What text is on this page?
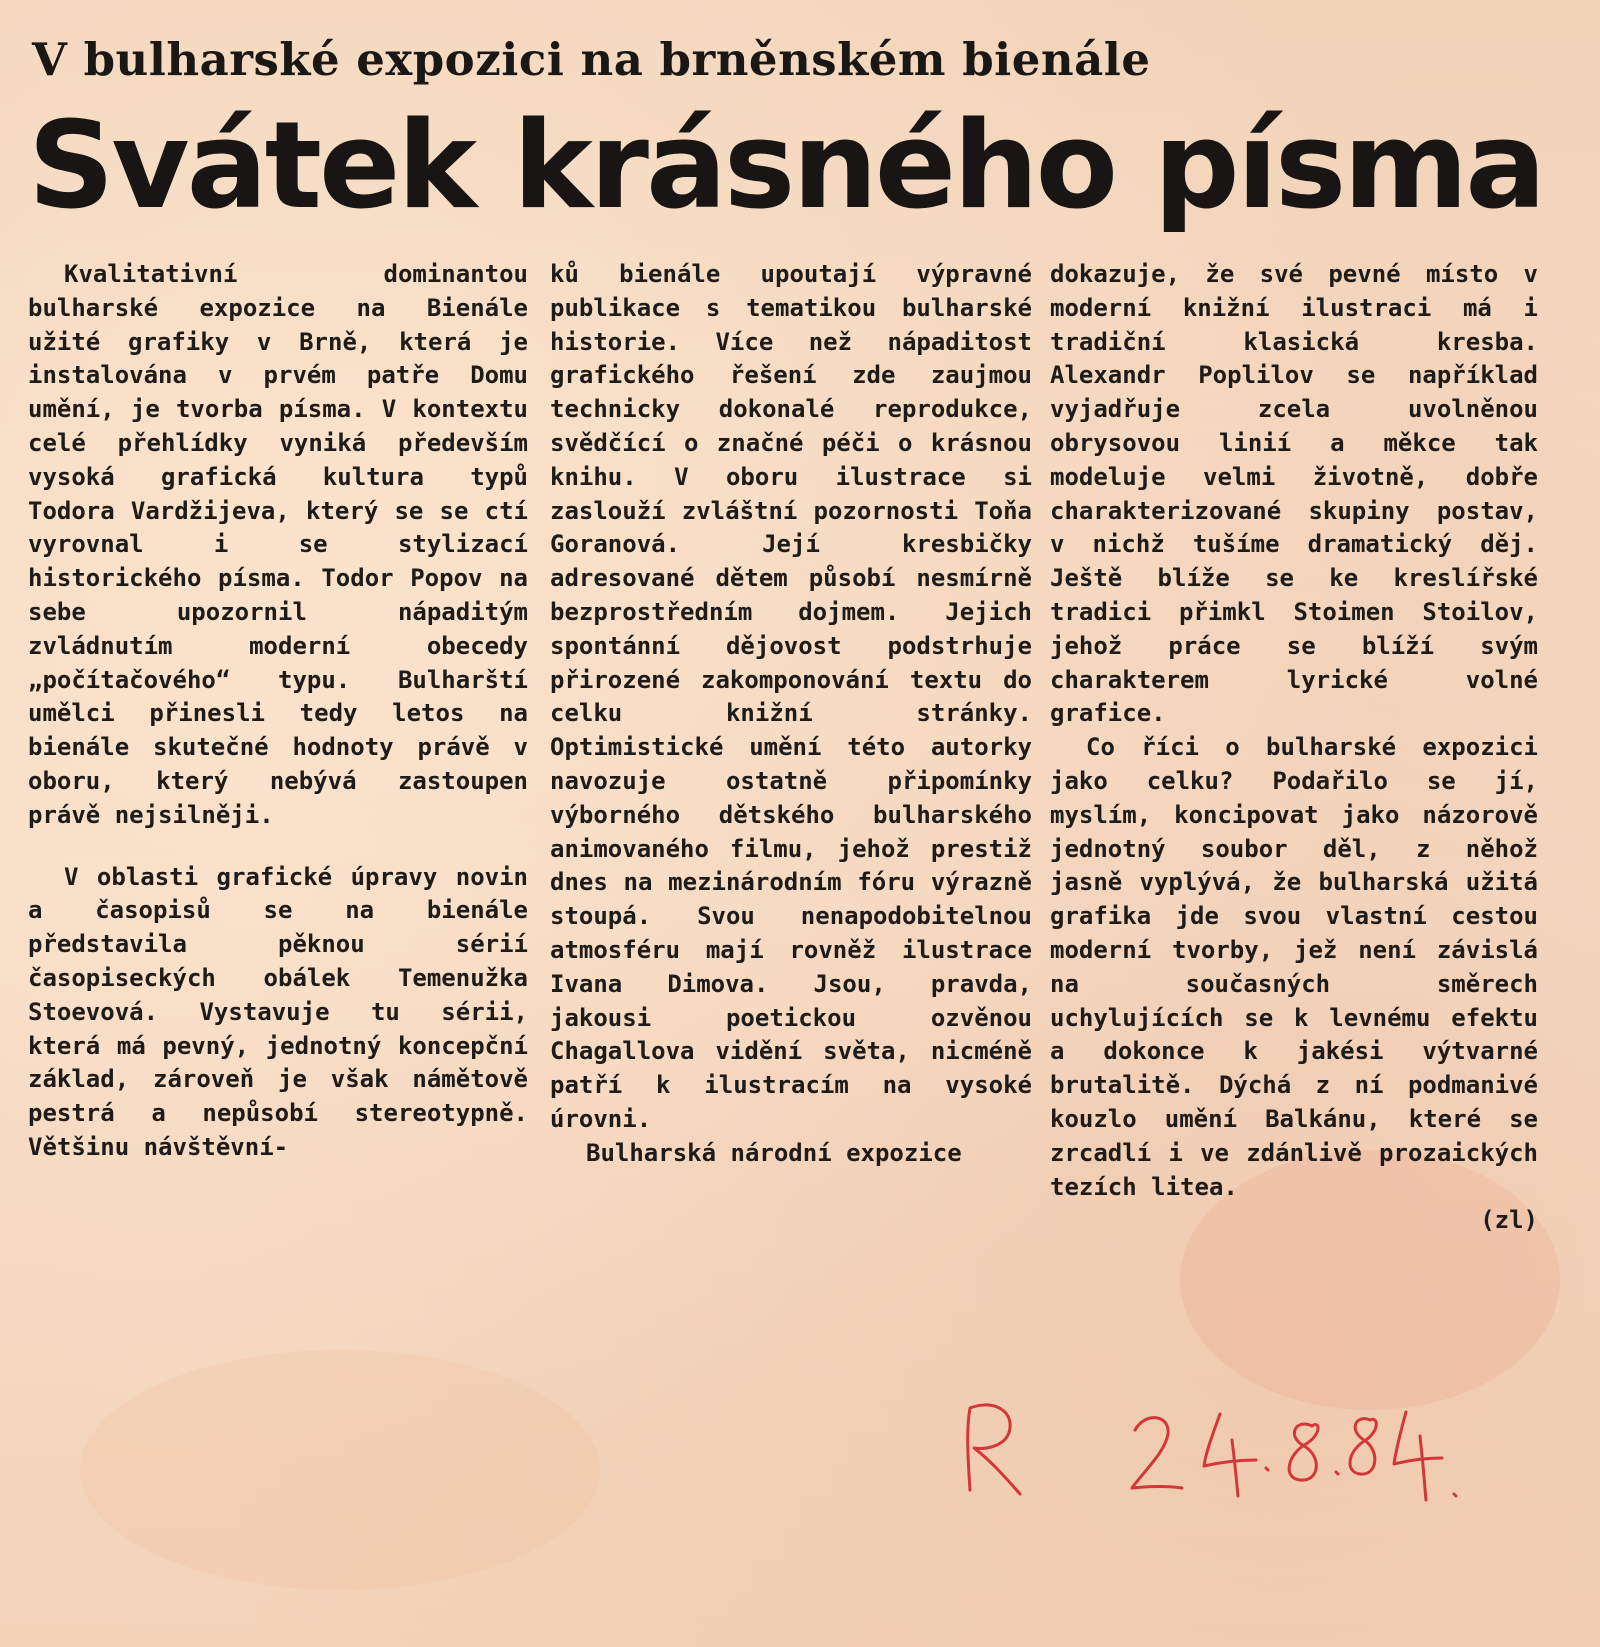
V bulharské expozici na brněnském bienále
Svátek krásného písma

Kvalitativní dominantou bulharské expozice na Bienále užité grafiky v Brně, která je instalována v prvém patře Domu umění, je tvorba písma. V kontextu celé přehlídky vyniká především vysoká grafická kultura typů Todora Vardžijeva, který se se ctí vyrovnal i se stylizací historického písma. Todor Popov na sebe upozornil nápaditým zvládnutím moderní obecedy „počítačového“ typu. Bulharští umělci přinesli tedy letos na bienále skutečné hodnoty právě v oboru, který nebývá zastoupen právě nejsilněji.

V oblasti grafické úpravy novin a časopisů se na bienále představila pěknou sérií časopiseckých obálek Temenužka Stoevová. Vystavuje tu sérii, která má pevný, jednotný koncepční základ, zároveň je však námětově pestrá a nepůsobí stereotypně. Většinu návštěvní-

ků bienále upoutají výpravné publikace s tematikou bulharské historie. Více než nápaditost grafického řešení zde zaujmou technicky dokonalé reprodukce, svědčící o značné péči o krásnou knihu. V oboru ilustrace si zaslouží zvláštní pozornosti Toňa Goranová. Její kresbičky adresované dětem působí nesmírně bezprostředním dojmem. Jejich spontánní dějovost podstrhuje přirozené zakomponování textu do celku knižní stránky. Optimistické umění této autorky navozuje ostatně připomínky výborného dětského bulharského animovaného filmu, jehož prestiž dnes na mezinárodním fóru výrazně stoupá. Svou nenapodobitelnou atmosféru mají rovněž ilustrace Ivana Dimova. Jsou, pravda, jakousi poetickou ozvěnou Chagallova vidění světa, nicméně patří k ilustracím na vysoké úrovni.

Bulharská národní expozice

dokazuje, že své pevné místo v moderní knižní ilustraci má i tradiční klasická kresba. Alexandr Poplilov se například vyjadřuje zcela uvolněnou obrysovou linií a měkce tak modeluje velmi životně, dobře charakterizované skupiny postav, v nichž tušíme dramatický děj. Ještě blíže se ke kreslířské tradici přimkl Stoimen Stoilov, jehož práce se blíží svým charakterem lyrické volné grafice.

Co říci o bulharské expozici jako celku? Podařilo se jí, myslím, koncipovat jako názorově jednotný soubor děl, z něhož jasně vyplývá, že bulharská užitá grafika jde svou vlastní cestou moderní tvorby, jež není závislá na současných směrech uchylujících se k levnému efektu a dokonce k jakési výtvarné brutalitě. Dýchá z ní podmanivé kouzlo umění Balkánu, které se zrcadlí i ve zdánlivě prozaických tezích litea.

(zl)
